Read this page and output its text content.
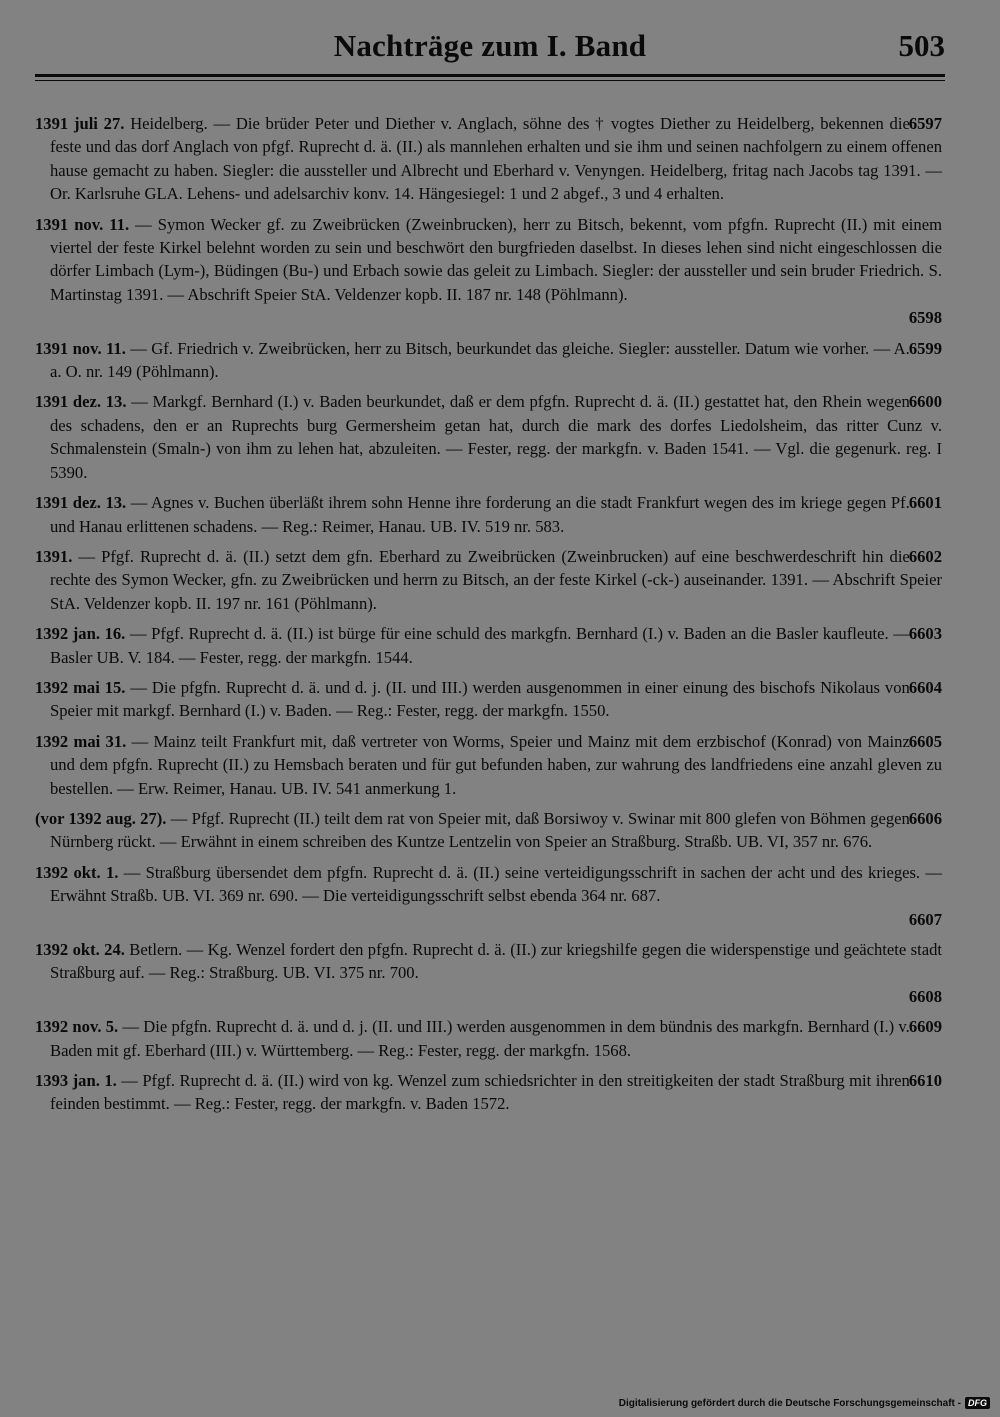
Nachträge zum I. Band	503
6597
1391 juli 27. Heidelberg. — Die brüder Peter und Diether v. Anglach, söhne des † vogtes Diether zu Heidelberg, bekennen die feste und das dorf Anglach von pfgf. Ruprecht d. ä. (II.) als mannlehen erhalten und sie ihm und seinen nachfolgern zu einem offenen hause gemacht zu haben. Siegler: die aussteller und Albrecht und Eberhard v. Venyngen. Heidelberg, fritag nach Jacobs tag 1391. — Or. Karlsruhe GLA. Lehens- und adelsarchiv konv. 14. Hängesiegel: 1 und 2 abgef., 3 und 4 erhalten.
1391 nov. 11. — Symon Wecker gf. zu Zweibrücken (Zweinbrucken), herr zu Bitsch, bekennt, vom pfgfn. Ruprecht (II.) mit einem viertel der feste Kirkel belehnt worden zu sein und beschwört den burgfrieden daselbst. In dieses lehen sind nicht eingeschlossen die dörfer Limbach (Lym-), Büdingen (Bu-) und Erbach sowie das geleit zu Limbach. Siegler: der aussteller und sein bruder Friedrich. S. Martinstag 1391. — Abschrift Speier StA. Veldenzer kopb. II. 187 nr. 148 (Pöhlmann).
6598
6599
1391 nov. 11. — Gf. Friedrich v. Zweibrücken, herr zu Bitsch, beurkundet das gleiche. Siegler: aussteller. Datum wie vorher. — A. a. O. nr. 149 (Pöhlmann).
6600
1391 dez. 13. — Markgf. Bernhard (I.) v. Baden beurkundet, daß er dem pfgfn. Ruprecht d. ä. (II.) gestattet hat, den Rhein wegen des schadens, den er an Ruprechts burg Germersheim getan hat, durch die mark des dorfes Liedolsheim, das ritter Cunz v. Schmalenstein (Smaln-) von ihm zu lehen hat, abzuleiten. — Fester, regg. der markgfn. v. Baden 1541. — Vgl. die gegenurk. reg. I 5390.
6601
1391 dez. 13. — Agnes v. Buchen überläßt ihrem sohn Henne ihre forderung an die stadt Frankfurt wegen des im kriege gegen Pf. und Hanau erlittenen schadens. — Reg.: Reimer, Hanau. UB. IV. 519 nr. 583.
6602
1391. — Pfgf. Ruprecht d. ä. (II.) setzt dem gfn. Eberhard zu Zweibrücken (Zweinbrucken) auf eine beschwerdeschrift hin die rechte des Symon Wecker, gfn. zu Zweibrücken und herrn zu Bitsch, an der feste Kirkel (-ck-) auseinander. 1391. — Abschrift Speier StA. Veldenzer kopb. II. 197 nr. 161 (Pöhlmann).
6603
1392 jan. 16. — Pfgf. Ruprecht d. ä. (II.) ist bürge für eine schuld des markgfn. Bernhard (I.) v. Baden an die Basler kaufleute. — Basler UB. V. 184. — Fester, regg. der markgfn. 1544.
6604
1392 mai 15. — Die pfgfn. Ruprecht d. ä. und d. j. (II. und III.) werden ausgenommen in einer einung des bischofs Nikolaus von Speier mit markgf. Bernhard (I.) v. Baden. — Reg.: Fester, regg. der markgfn. 1550.
6605
1392 mai 31. — Mainz teilt Frankfurt mit, daß vertreter von Worms, Speier und Mainz mit dem erzbischof (Konrad) von Mainz und dem pfgfn. Ruprecht (II.) zu Hemsbach beraten und für gut befunden haben, zur wahrung des landfriedens eine anzahl gleven zu bestellen. — Erw. Reimer, Hanau. UB. IV. 541 anmerkung 1.
6606
(vor 1392 aug. 27). — Pfgf. Ruprecht (II.) teilt dem rat von Speier mit, daß Borsiwoy v. Swinar mit 800 glefen von Böhmen gegen Nürnberg rückt. — Erwähnt in einem schreiben des Kuntze Lentzelin von Speier an Straßburg. Straßb. UB. VI, 357 nr. 676.
1392 okt. 1. — Straßburg übersendet dem pfgfn. Ruprecht d. ä. (II.) seine verteidigungsschrift in sachen der acht und des krieges. — Erwähnt Straßb. UB. VI. 369 nr. 690. — Die verteidigungsschrift selbst ebenda 364 nr. 687.
6607
1392 okt. 24. Betlern. — Kg. Wenzel fordert den pfgfn. Ruprecht d. ä. (II.) zur kriegshilfe gegen die widerspenstige und geächtete stadt Straßburg auf. — Reg.: Straßburg. UB. VI. 375 nr. 700.
6608
6609
1392 nov. 5. — Die pfgfn. Ruprecht d. ä. und d. j. (II. und III.) werden ausgenommen in dem bündnis des markgfn. Bernhard (I.) v. Baden mit gf. Eberhard (III.) v. Württemberg. — Reg.: Fester, regg. der markgfn. 1568.
6610
1393 jan. 1. — Pfgf. Ruprecht d. ä. (II.) wird von kg. Wenzel zum schiedsrichter in den streitigkeiten der stadt Straßburg mit ihren feinden bestimmt. — Reg.: Fester, regg. der markgfn. v. Baden 1572.
Digitalisierung gefördert durch die Deutsche Forschungsgemeinschaft - DFG
